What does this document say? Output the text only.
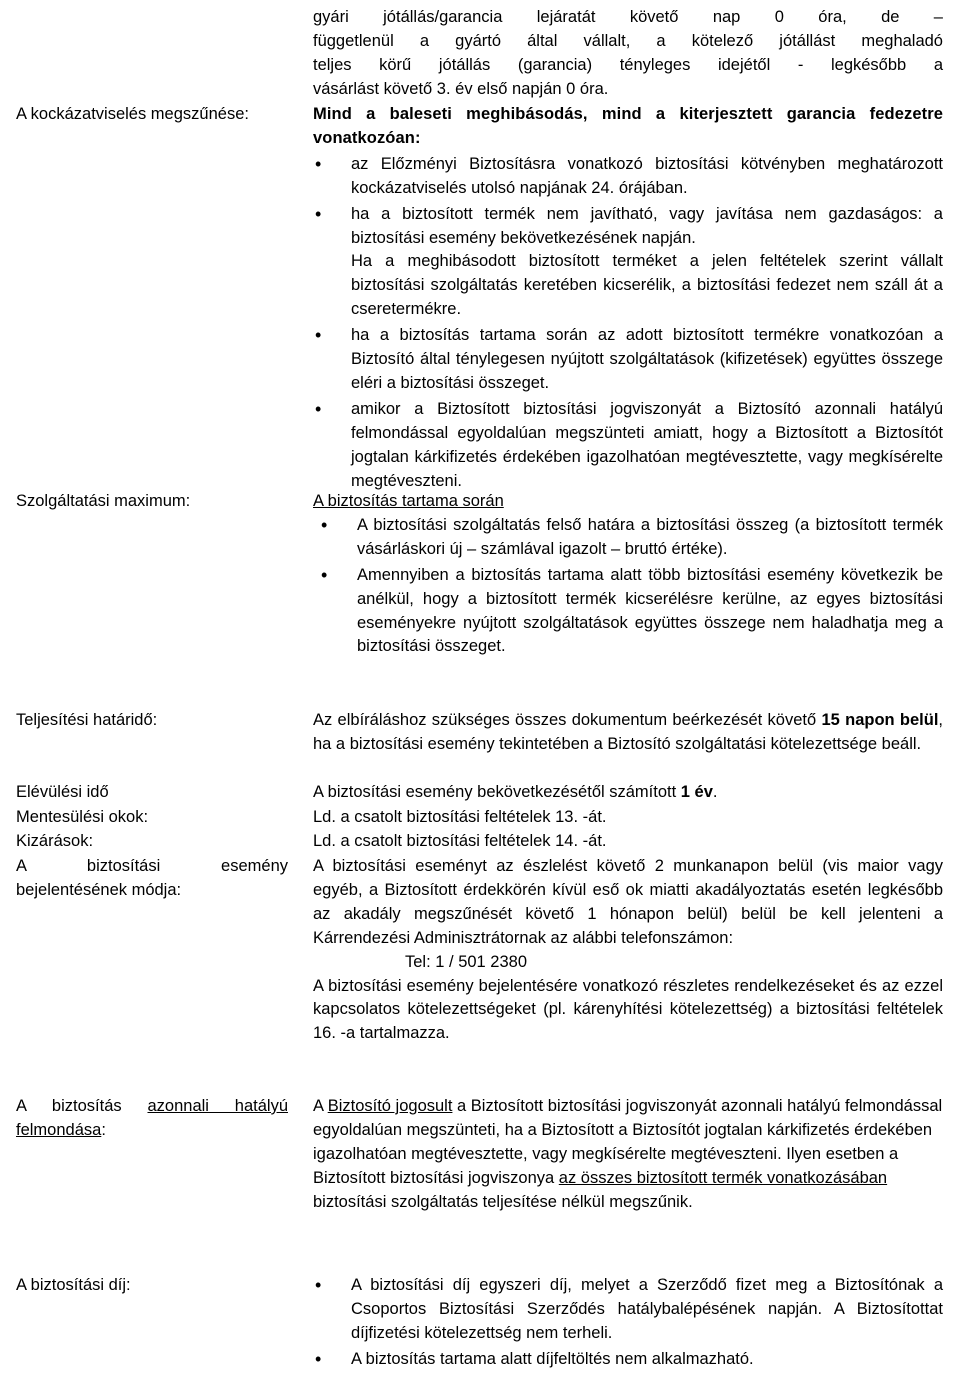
gyári jótállás/garancia lejáratát követő nap 0 óra, de –

függetlenül a gyártó által vállalt, a kötelező jótállást meghaladó

teljes körű jótállás (garancia) tényleges idejétől - legkésőbb a

vásárlást követő 3. év első napján 0 óra.

A kockázatviselés megszűnése:	Mind a baleseti meghibásodás, mind a kiterjesztett garancia fedezetre vonatkozóan:

• az Előzményi Biztosításra vonatkozó biztosítási kötvényben meghatározott kockázatviselés utolsó napjának 24. órájában.
• ha a biztosított termék nem javítható, vagy javítása nem gazdaságos: a biztosítási esemény bekövetkezésének napján.
Ha a meghibásodott biztosított terméket a jelen feltételek szerint vállalt biztosítási szolgáltatás keretében kicserélik, a biztosítási fedezet nem száll át a cseretermékre.
• ha a biztosítás tartama során az adott biztosított termékre vonatkozóan a Biztosító által ténylegesen nyújtott szolgáltatások (kifizetések) együttes összege eléri a biztosítási összeget.
• amikor a Biztosított biztosítási jogviszonyát a Biztosító azonnali hatályú felmondással egyoldalúan megszünteti amiatt, hogy a Biztosított a Biztosítót jogtalan kárkifizetés érdekében igazolhatóan megtévesztette, vagy megkísérelte megtéveszteni.
Szolgáltatási maximum:	A biztosítás tartama során

• A biztosítási szolgáltatás felső határa a biztosítási összeg (a biztosított termék vásárláskori új – számlával igazolt – bruttó értéke).
• Amennyiben a biztosítás tartama alatt több biztosítási esemény következik be anélkül, hogy a biztosított termék kicserélésre kerülne, az egyes biztosítási eseményekre nyújtott szolgáltatások együttes összege nem haladhatja meg a biztosítási összeget.
Teljesítési határidő:	Az elbíráláshoz szükséges összes dokumentum beérkezését követő 15 napon belül, ha a biztosítási esemény tekintetében a Biztosító szolgáltatási kötelezettsége beáll.
Elévülési idő	A biztosítási esemény bekövetkezésétől számított 1 év.
Mentesülési okok:	Ld. a csatolt biztosítási feltételek 13. -át.
Kizárások:	Ld. a csatolt biztosítási feltételek 14. -át.
A biztosítási esemény bejelentésének módja:

A biztosítási eseményt az észlelést követő 2 munkanapon belül (vis maior vagy egyéb, a Biztosított érdekkörén kívül eső ok miatti akadályoztatás esetén legkésőbb az akadály megszűnését követő 1 hónapon belül) belül be kell jelenteni a Kárrendezési Adminisztrátornak az alábbi telefonszámon:

Tel: 1 / 501 2380

A biztosítási esemény bejelentésére vonatkozó részletes rendelkezéseket és az ezzel kapcsolatos kötelezettségeket (pl. kárenyhítési kötelezettség) a biztosítási feltételek 16. -a tartalmazza.

A biztosítás azonnali hatályú felmondása:
A Biztosító jogosult a Biztosított biztosítási jogviszonyát azonnali hatályú felmondással egyoldalúan megszünteti, ha a Biztosított a Biztosítót jogtalan kárkifizetés érdekében igazolhatóan megtévesztette, vagy megkísérelte megtéveszteni. Ilyen esetben a Biztosított biztosítási jogviszonya az összes biztosított termék vonatkozásában biztosítási szolgáltatás teljesítése nélkül megszűnik.
A biztosítási díj:
•	A biztosítási díj egyszeri díj, melyet a Szerződő fizet meg a Biztosítónak a Csoportos Biztosítási Szerződés hatálybalépésének napján. A Biztosítottat díjfizetési kötelezettség nem terheli.
• A biztosítás tartama alatt díjfeltöltés nem alkalmazható.
